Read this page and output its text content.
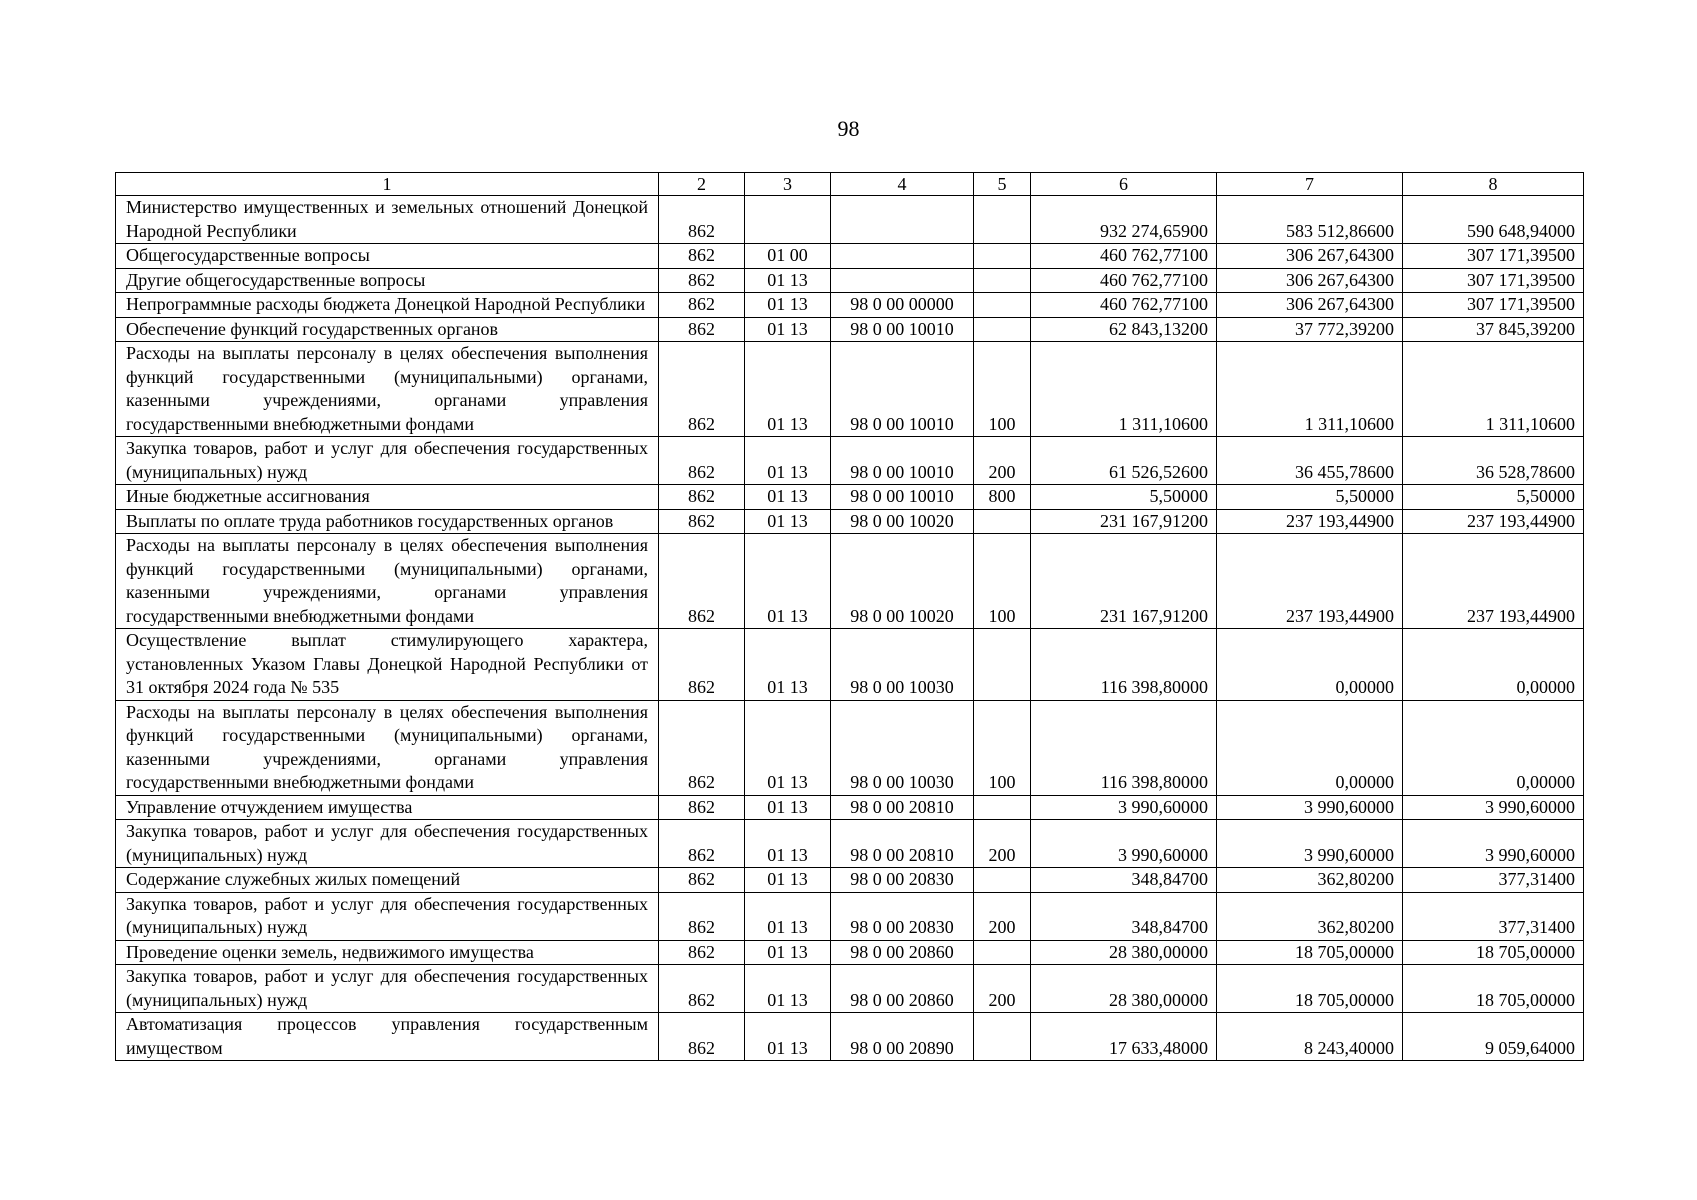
98
1	2	3	4	5	6	7	8
Министерство имущественных и земельных отношений Донецкой Народной Республики	862				932 274,65900	583 512,86600	590 648,94000
Общегосударственные вопросы	862	01 00			460 762,77100	306 267,64300	307 171,39500
Другие общегосударственные вопросы	862	01 13			460 762,77100	306 267,64300	307 171,39500
Непрограммные расходы бюджета Донецкой Народной Республики	862	01 13	98 0 00 00000		460 762,77100	306 267,64300	307 171,39500
Обеспечение функций государственных органов	862	01 13	98 0 00 10010		62 843,13200	37 772,39200	37 845,39200
Расходы на выплаты персоналу в целях обеспечения выполнения функций государственными (муниципальными) органами, казенными учреждениями, органами управления государственными внебюджетными фондами	862	01 13	98 0 00 10010	100	1 311,10600	1 311,10600	1 311,10600
Закупка товаров, работ и услуг для обеспечения государственных (муниципальных) нужд	862	01 13	98 0 00 10010	200	61 526,52600	36 455,78600	36 528,78600
Иные бюджетные ассигнования	862	01 13	98 0 00 10010	800	5,50000	5,50000	5,50000
Выплаты по оплате труда работников государственных органов	862	01 13	98 0 00 10020		231 167,91200	237 193,44900	237 193,44900
Расходы на выплаты персоналу в целях обеспечения выполнения функций государственными (муниципальными) органами, казенными учреждениями, органами управления государственными внебюджетными фондами	862	01 13	98 0 00 10020	100	231 167,91200	237 193,44900	237 193,44900
Осуществление выплат стимулирующего характера, установленных Указом Главы Донецкой Народной Республики от 31 октября 2024 года № 535	862	01 13	98 0 00 10030		116 398,80000	0,00000	0,00000
Расходы на выплаты персоналу в целях обеспечения выполнения функций государственными (муниципальными) органами, казенными учреждениями, органами управления государственными внебюджетными фондами	862	01 13	98 0 00 10030	100	116 398,80000	0,00000	0,00000
Управление отчуждением имущества	862	01 13	98 0 00 20810		3 990,60000	3 990,60000	3 990,60000
Закупка товаров, работ и услуг для обеспечения государственных (муниципальных) нужд	862	01 13	98 0 00 20810	200	3 990,60000	3 990,60000	3 990,60000
Содержание служебных жилых помещений	862	01 13	98 0 00 20830		348,84700	362,80200	377,31400
Закупка товаров, работ и услуг для обеспечения государственных (муниципальных) нужд	862	01 13	98 0 00 20830	200	348,84700	362,80200	377,31400
Проведение оценки земель, недвижимого имущества	862	01 13	98 0 00 20860		28 380,00000	18 705,00000	18 705,00000
Закупка товаров, работ и услуг для обеспечения государственных (муниципальных) нужд	862	01 13	98 0 00 20860	200	28 380,00000	18 705,00000	18 705,00000
Автоматизация процессов управления государственным имуществом	862	01 13	98 0 00 20890		17 633,48000	8 243,40000	9 059,64000
